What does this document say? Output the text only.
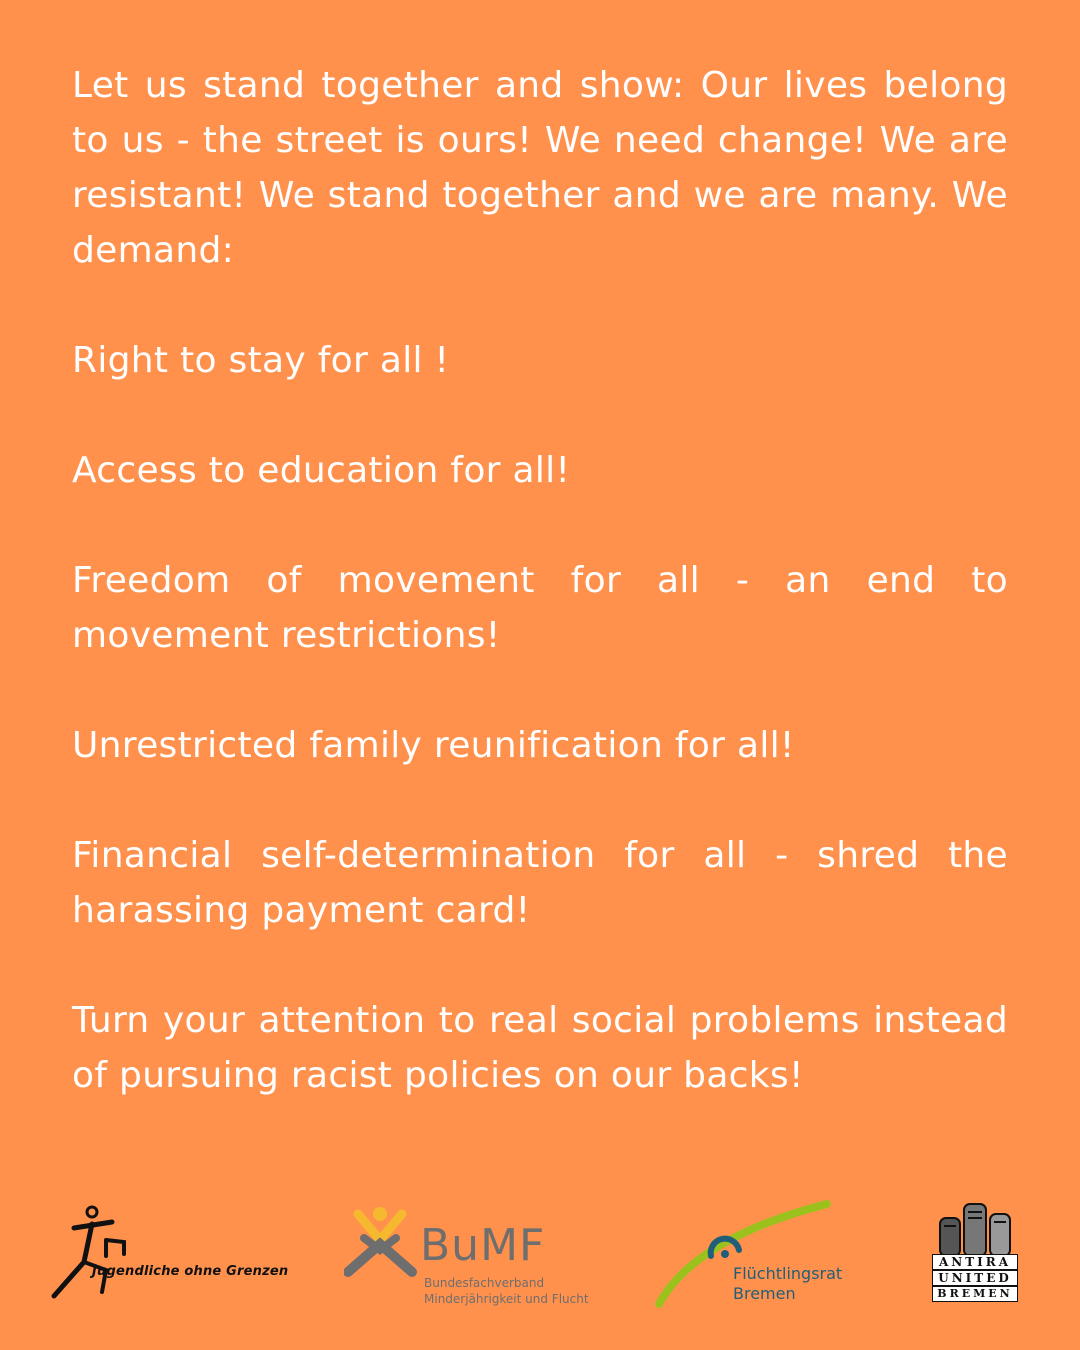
Let us stand together and show: Our lives belong to us - the street is ours! We need change! We are resistant! We stand together and we are many. We demand:

Right to stay for all !

Access to education for all!

Freedom of movement for all - an end to movement restrictions!

Unrestricted family reunification for all!

Financial self-determination for all - shred the harassing payment card!

Turn your attention to real social problems instead of pursuing racist policies on our backs!

Jugendliche ohne Grenzen
BuMF
Bundesfachverband
Minderjährigkeit und Flucht
Flüchtlingsrat
Bremen
ANTIRA
UNITED
BREMEN
